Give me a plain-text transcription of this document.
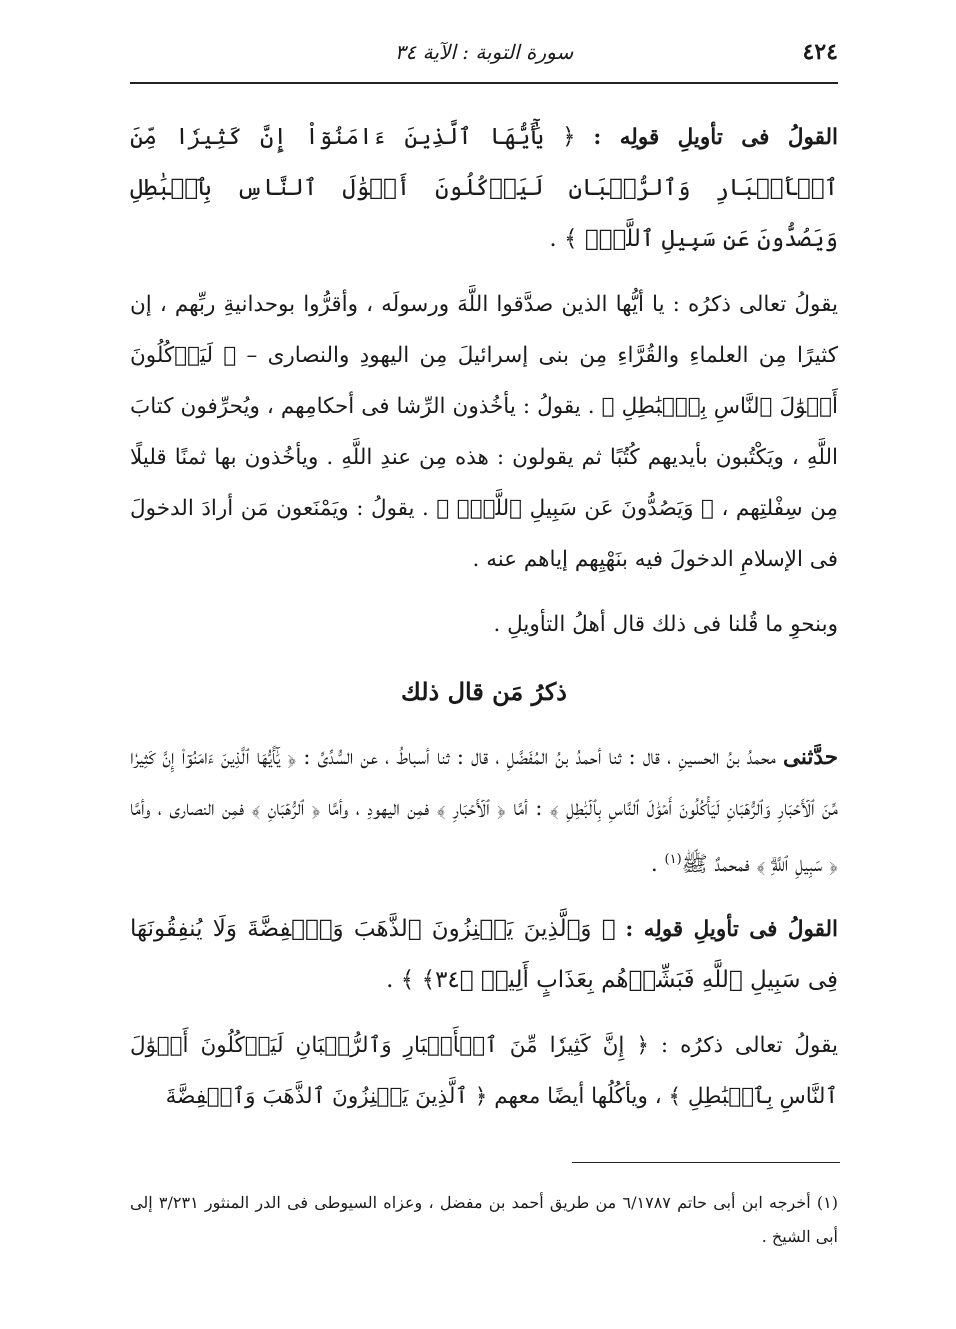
٤٢٤
سورة التوبة : الآية ٣٤

القولُ فى تأويلِ قولِه : ﴿ يَٰٓأَيُّهَا ٱلَّذِينَ ءَامَنُوٓاْ إِنَّ كَثِيرٗا مِّنَ ٱلۡأَحۡبَارِ وَٱلرُّهۡبَانِ لَيَأۡكُلُونَ أَمۡوَٰلَ ٱلنَّاسِ بِٱلۡبَٰطِلِ وَيَصُدُّونَ عَن سَبِيلِ ٱللَّهِۗ ﴾ .

يقولُ تعالى ذكرُه : يا أيُّها الذين صدَّقوا اللَّهَ ورسولَه ، وأقرُّوا بوحدانيةِ ربِّهم ، إن كثيرًا مِن العلماءِ والقُرَّاءِ مِن بنى إسرائيلَ مِن اليهودِ والنصارى – ﴿ لَيَأۡكُلُونَ أَمۡوَٰلَ ٱلنَّاسِ بِٱلۡبَٰطِلِ ﴾ . يقولُ : يأخُذون الرِّشا فى أحكامِهم ، ويُحرِّفون كتابَ اللَّهِ ، ويَكْتُبون بأيديهم كُتُبًا ثم يقولون : هذه مِن عندِ اللَّهِ . ويأخُذون بها ثمنًا قليلًا مِن سِفْلتِهم ، ﴿ وَيَصُدُّونَ عَن سَبِيلِ ٱللَّهِۗ ﴾ . يقولُ : ويَمْنَعون مَن أرادَ الدخولَ فى الإسلامِ الدخولَ فيه بنَهْيِهم إياهم عنه .

وبنحوِ ما قُلنا فى ذلك قال أهلُ التأويلِ .

ذكرُ مَن قال ذلك

حدَّثنى محمدُ بنُ الحسينِ ، قال : ثنا أحمدُ بنُ المُفَضَّلِ ، قال : ثنا أسباطُ ، عن السُّدِّىِّ : ﴿ يَٰٓأَيُّهَا ٱلَّذِينَ ءَامَنُوٓاْ إِنَّ كَثِيرٗا مِّنَ ٱلۡأَحۡبَارِ وَٱلرُّهۡبَانِ لَيَأۡكُلُونَ أَمۡوَٰلَ ٱلنَّاسِ بِٱلۡبَٰطِلِ ﴾ : أمَّا ﴿ ٱلۡأَحۡبَارِ ﴾ فمِن اليهودِ ، وأمَّا ﴿ ٱلرُّهۡبَانِ ﴾ فمِن النصارى ، وأمَّا ﴿ سَبِيلِ ٱللَّهِۗ ﴾ فمحمدٌ ﷺ$^{(١)}$ .

القولُ فى تأويلِ قولِه : ﴿ وَٱلَّذِينَ يَكۡنِزُونَ ٱلذَّهَبَ وَٱلۡفِضَّةَ وَلَا يُنفِقُونَهَا فِى سَبِيلِ ٱللَّهِ فَبَشِّرۡهُم بِعَذَابٍ أَلِيمٖ ﴿٣٤﴾ ﴾ .

يقولُ تعالى ذكرُه : ﴿ إِنَّ كَثِيرٗا مِّنَ ٱلۡأَحۡبَارِ وَٱلرُّهۡبَانِ لَيَأۡكُلُونَ أَمۡوَٰلَ ٱلنَّاسِ بِٱلۡبَٰطِلِ ﴾ ، ويأكُلُها أيضًا معهم ﴿ ٱلَّذِينَ يَكۡنِزُونَ ٱلذَّهَبَ وَٱلۡفِضَّةَ

(١) أخرجه ابن أبى حاتم ٦/١٧٨٧ من طريق أحمد بن مفضل ، وعزاه السيوطى فى الدر المنثور ٣/٢٣١ إلى أبى الشيخ .
